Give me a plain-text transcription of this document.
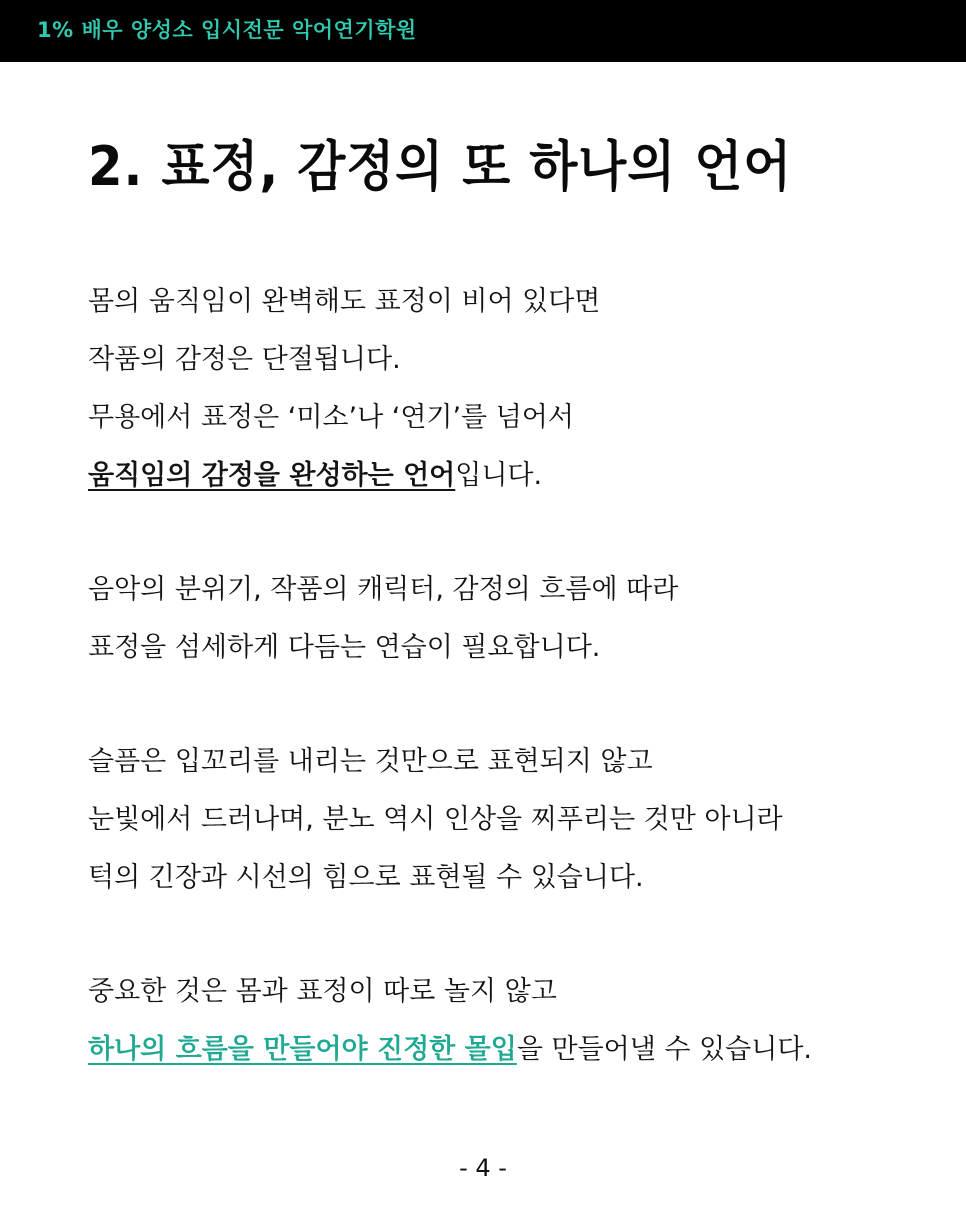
1% 배우 양성소 입시전문 악어연기학원
2. 표정, 감정의 또 하나의 언어
몸의 움직임이 완벽해도 표정이 비어 있다면
작품의 감정은 단절됩니다.
무용에서 표정은 ‘미소’나 ‘연기’를 넘어서
움직임의 감정을 완성하는 언어입니다.
음악의 분위기, 작품의 캐릭터, 감정의 흐름에 따라
표정을 섬세하게 다듬는 연습이 필요합니다.
슬픔은 입꼬리를 내리는 것만으로 표현되지 않고
눈빛에서 드러나며, 분노 역시 인상을 찌푸리는 것만 아니라
턱의 긴장과 시선의 힘으로 표현될 수 있습니다.
중요한 것은 몸과 표정이 따로 놀지 않고
하나의 흐름을 만들어야 진정한 몰입을 만들어낼 수 있습니다.
- 4 -
